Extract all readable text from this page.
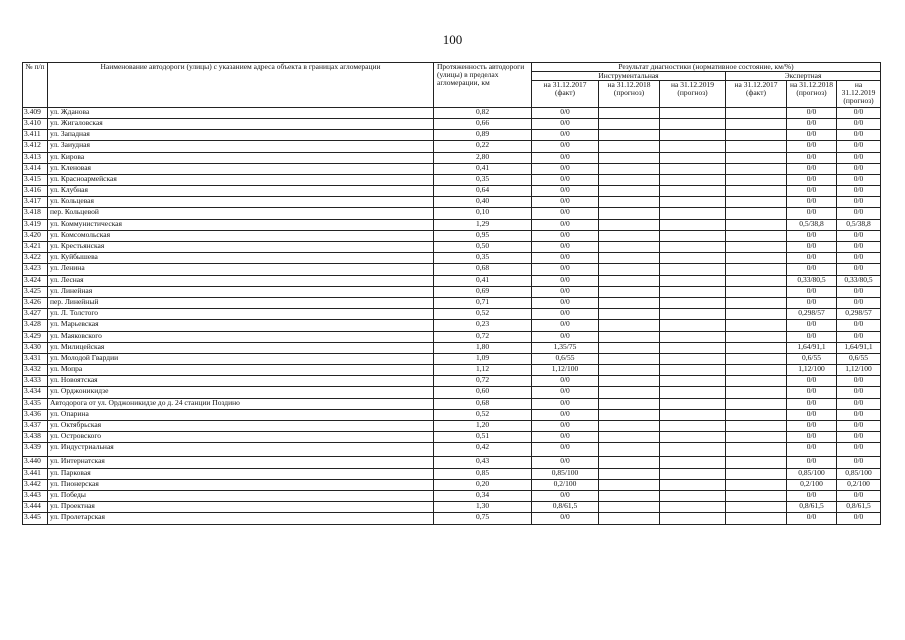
100
№ п/п	Наименование автодороги (улицы) с указанием адреса объекта в границах агломерации	Протяженность автодороги (улицы) в пределах агломерации, км	Результат диагностики (нормативное состояние, км/%)					
			Инструментальная			Экспертная		
			на 31.12.2017 (факт)	на 31.12.2018 (прогноз)	на 31.12.2019 (прогноз)	на 31.12.2017 (факт)	на 31.12.2018 (прогноз)	на 31.12.2019 (прогноз)
3.409	ул. Жданова	0,82	0/0				0/0	0/0
3.410	ул. Жигаловская	0,66	0/0				0/0	0/0
3.411	ул. Западная	0,89	0/0				0/0	0/0
3.412	ул. Заиудная	0,22	0/0				0/0	0/0
3.413	ул. Кирова	2,80	0/0				0/0	0/0
3.414	ул. Кленовая	0,41	0/0				0/0	0/0
3.415	ул. Красноармейская	0,35	0/0				0/0	0/0
3.416	ул. Клубная	0,64	0/0				0/0	0/0
3.417	ул. Кольцевая	0,40	0/0				0/0	0/0
3.418	пер. Кольцевой	0,10	0/0				0/0	0/0
3.419	ул. Коммунистическая	1,29	0/0				0,5/38,8	0,5/38,8
3.420	ул. Комсомольская	0,95	0/0				0/0	0/0
3.421	ул. Крестьянская	0,50	0/0				0/0	0/0
3.422	ул. Куйбышева	0,35	0/0				0/0	0/0
3.423	ул. Ленина	0,68	0/0				0/0	0/0
3.424	ул. Лесная	0,41	0/0				0,33/80,5	0,33/80,5
3.425	ул. Линейная	0,69	0/0				0/0	0/0
3.426	пер. Линейный	0,71	0/0				0/0	0/0
3.427	ул. Л. Толстого	0,52	0/0				0,298/57	0,298/57
3.428	ул. Марьевская	0,23	0/0				0/0	0/0
3.429	ул. Маяковского	0,72	0/0				0/0	0/0
3.430	ул. Милицейская	1,80	1,35/75				1,64/91,1	1,64/91,1
3.431	ул. Молодой Гвардии	1,09	0,6/55				0,6/55	0,6/55
3.432	ул. Мопра	1,12	1,12/100				1,12/100	1,12/100
3.433	ул. Новоятская	0,72	0/0				0/0	0/0
3.434	ул. Орджоникидзе	0,60	0/0				0/0	0/0
3.435	Автодорога от ул. Орджоникидзе до д. 24 станции Поздино	0,68	0/0				0/0	0/0
3.436	ул. Опарина	0,52	0/0				0/0	0/0
3.437	ул. Октябрьская	1,20	0/0				0/0	0/0
3.438	ул. Островского	0,51	0/0				0/0	0/0
3.439	ул. Индустриальная	0,42	0/0				0/0	0/0
3.440	ул. Интернатская	0,43	0/0				0/0	0/0
3.441	ул. Парковая	0,85	0,85/100				0,85/100	0,85/100
3.442	ул. Пионерская	0,20	0,2/100				0,2/100	0,2/100
3.443	ул. Победы	0,34	0/0				0/0	0/0
3.444	ул. Проектная	1,30	0,8/61,5				0,8/61,5	0,8/61,5
3.445	ул. Пролетарская	0,75	0/0				0/0	0/0
